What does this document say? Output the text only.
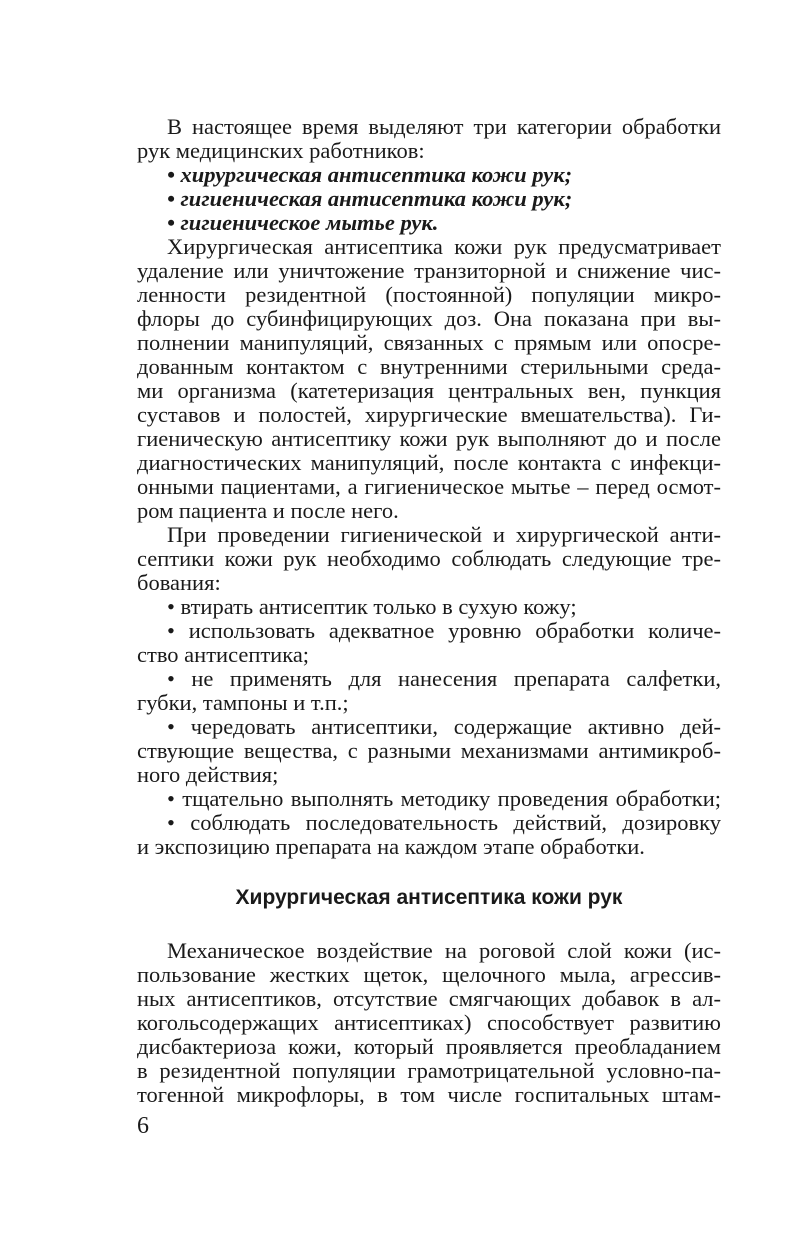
В настоящее время выделяют три категории обработки
рук медицинских работников:
• хирургическая антисептика кожи рук;
• гигиеническая антисептика кожи рук;
• гигиеническое мытье рук.
Хирургическая антисептика кожи рук предусматривает
удаление или уничтожение транзиторной и снижение чис-
ленности резидентной (постоянной) популяции микро-
флоры до субинфицирующих доз. Она показана при вы-
полнении манипуляций, связанных с прямым или опосре-
дованным контактом с внутренними стерильными среда-
ми организма (катетеризация центральных вен, пункция
суставов и полостей, хирургические вмешательства). Ги-
гиеническую антисептику кожи рук выполняют до и после
диагностических манипуляций, после контакта с инфекци-
онными пациентами, а гигиеническое мытье – перед осмот-
ром пациента и после него.
При проведении гигиенической и хирургической анти-
септики кожи рук необходимо соблюдать следующие тре-
бования:
• втирать антисептик только в сухую кожу;
• использовать адекватное уровню обработки количе-
ство антисептика;
• не применять для нанесения препарата салфетки,
губки, тампоны и т.п.;
• чередовать антисептики, содержащие активно дей-
ствующие вещества, с разными механизмами антимикроб-
ного действия;
• тщательно выполнять методику проведения обработки;
• соблюдать последовательность действий, дозировку
и экспозицию препарата на каждом этапе обработки.
Хирургическая антисептика кожи рук
Механическое воздействие на роговой слой кожи (ис-
пользование жестких щеток, щелочного мыла, агрессив-
ных антисептиков, отсутствие смягчающих добавок в ал-
когольсодержащих антисептиках) способствует развитию
дисбактериоза кожи, который проявляется преобладанием
в резидентной популяции грамотрицательной условно-па-
тогенной микрофлоры, в том числе госпитальных штам-
6
